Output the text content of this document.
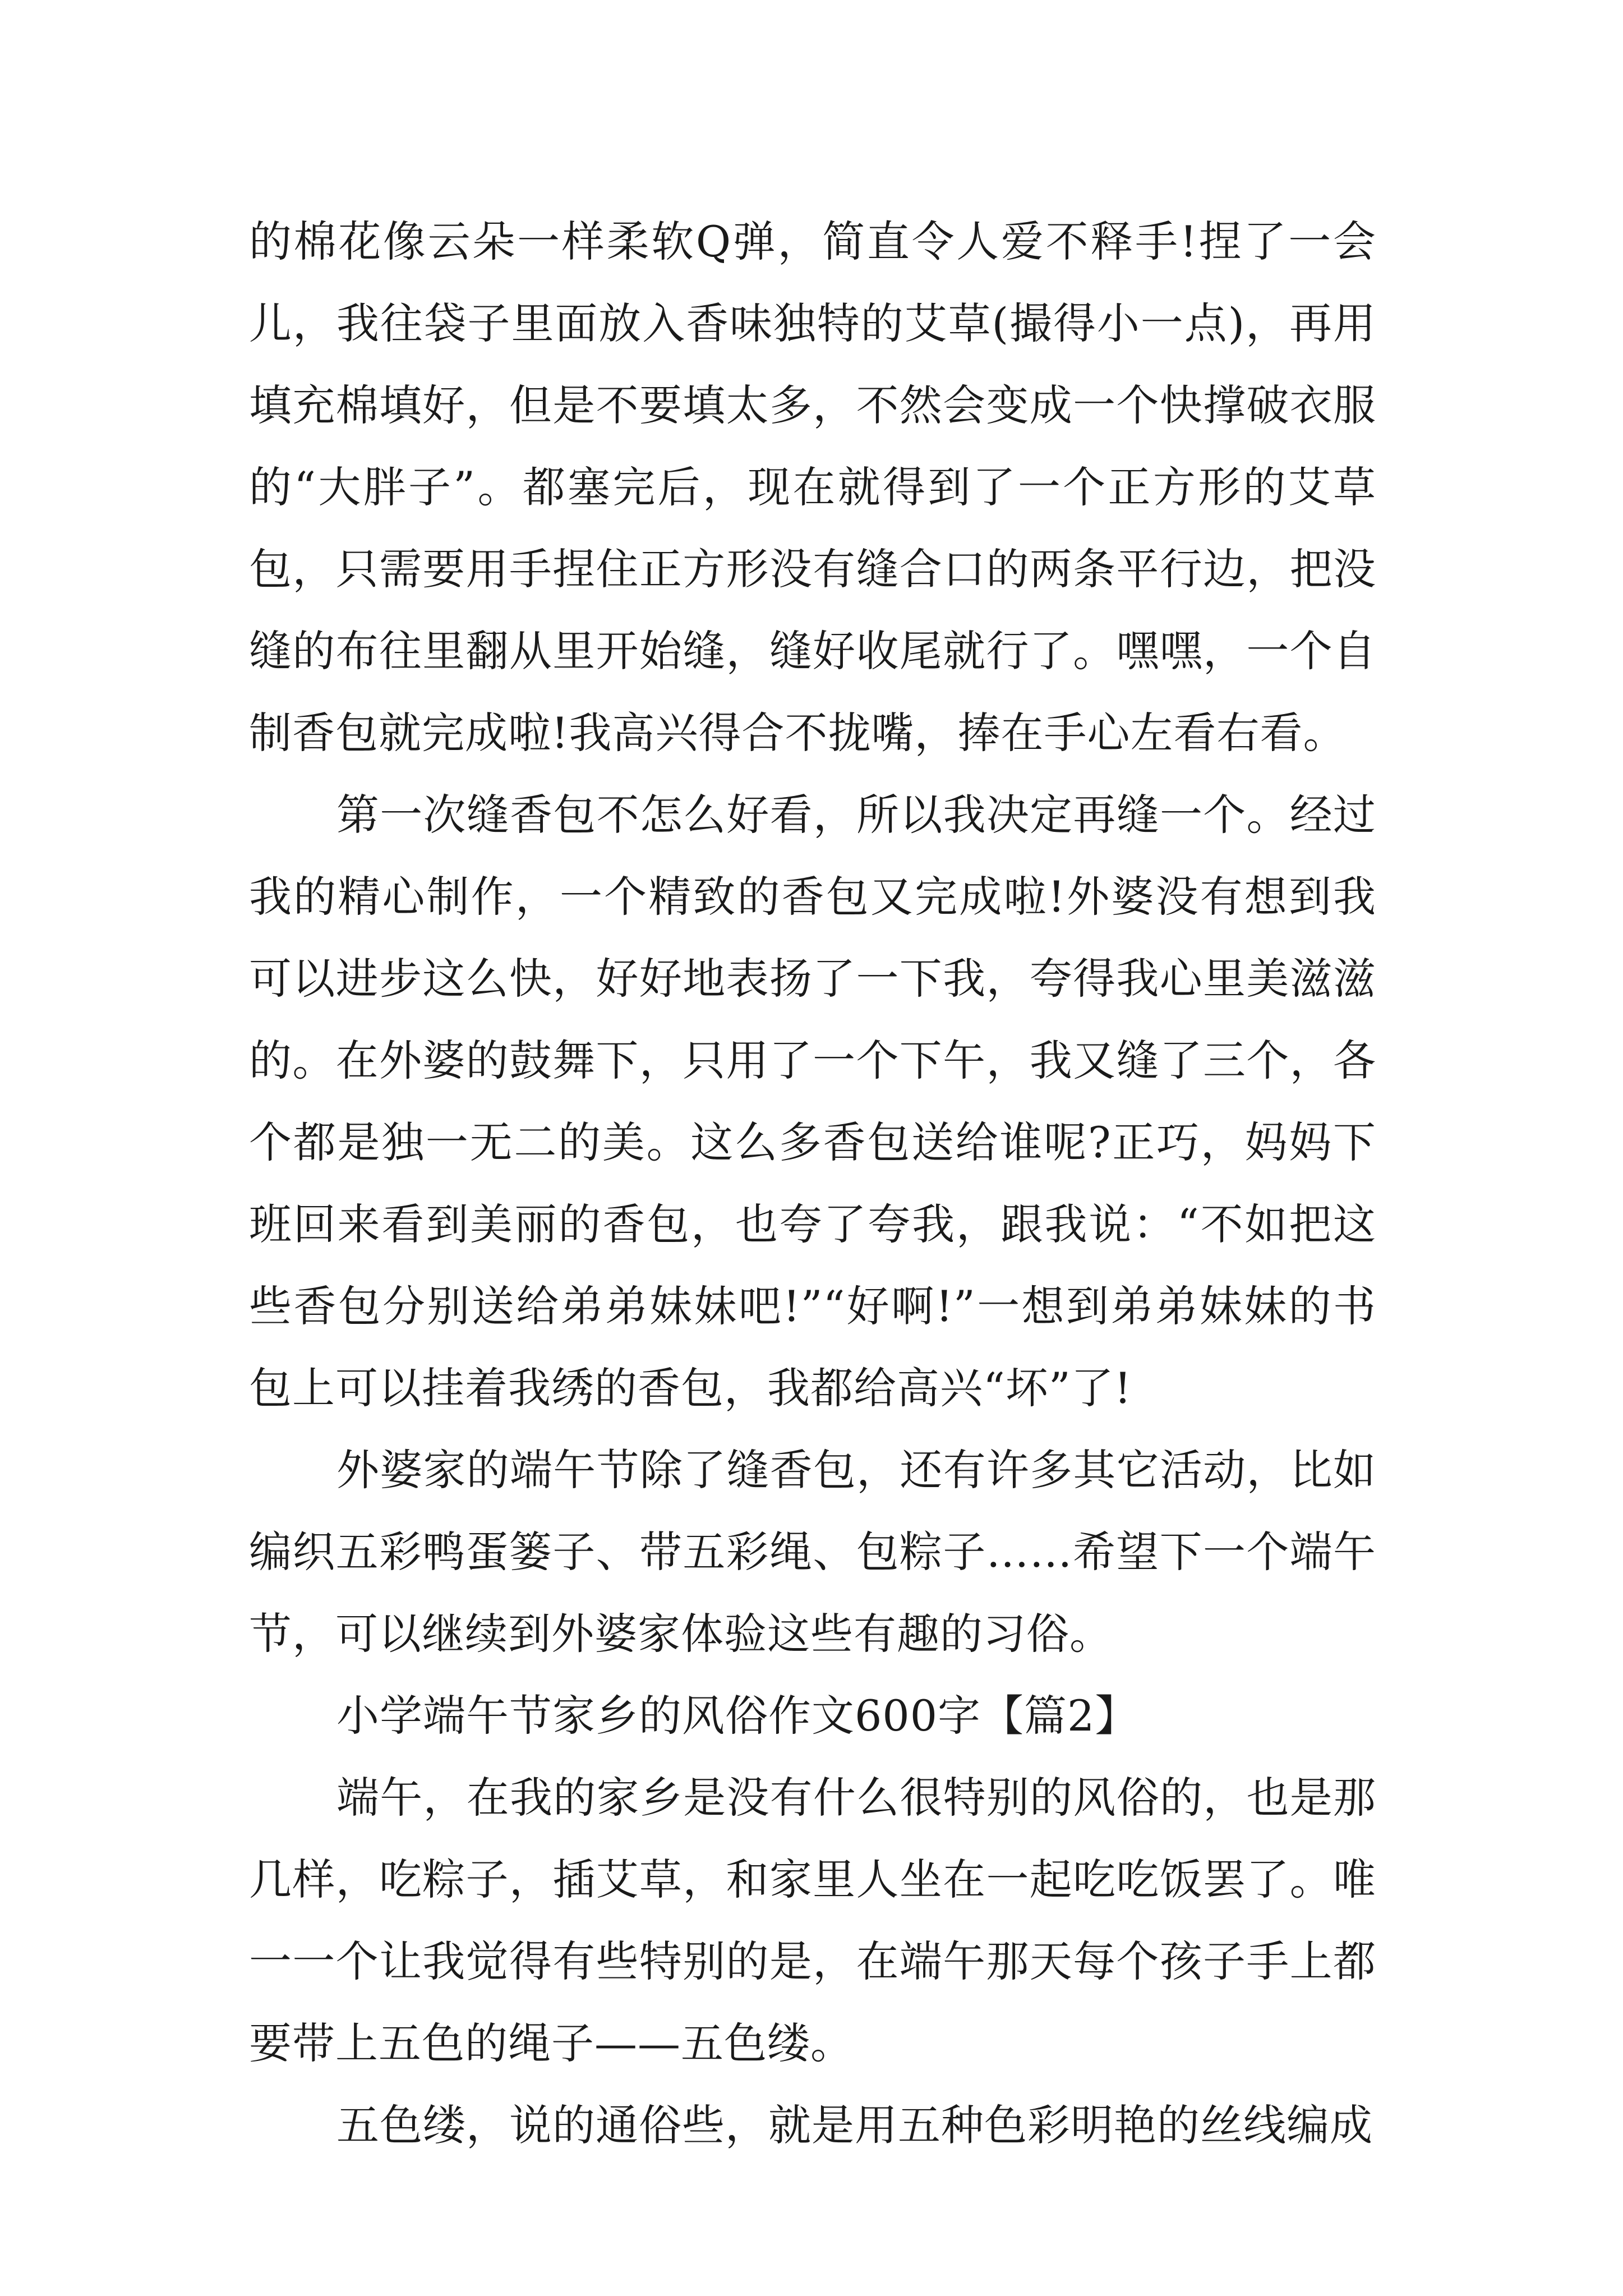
的棉花像云朵一样柔软Q弹，简直令人爱不释手!捏了一会儿，我往袋子里面放入香味独特的艾草(撮得小一点)，再用填充棉填好，但是不要填太多，不然会变成一个快撑破衣服的“大胖子”。都塞完后，现在就得到了一个正方形的艾草包，只需要用手捏住正方形没有缝合口的两条平行边，把没缝的布往里翻从里开始缝，缝好收尾就行了。嘿嘿，一个自制香包就完成啦!我高兴得合不拢嘴，捧在手心左看右看。

第一次缝香包不怎么好看，所以我决定再缝一个。经过我的精心制作，一个精致的香包又完成啦!外婆没有想到我可以进步这么快，好好地表扬了一下我，夸得我心里美滋滋的。在外婆的鼓舞下，只用了一个下午，我又缝了三个，各个都是独一无二的美。这么多香包送给谁呢?正巧，妈妈下班回来看到美丽的香包，也夸了夸我，跟我说：“不如把这些香包分别送给弟弟妹妹吧!”“好啊!”一想到弟弟妹妹的书包上可以挂着我绣的香包，我都给高兴“坏”了!

外婆家的端午节除了缝香包，还有许多其它活动，比如编织五彩鸭蛋篓子、带五彩绳、包粽子……希望下一个端午节，可以继续到外婆家体验这些有趣的习俗。

小学端午节家乡的风俗作文600字【篇2】

端午，在我的家乡是没有什么很特别的风俗的，也是那几样，吃粽子，插艾草，和家里人坐在一起吃吃饭罢了。唯一一个让我觉得有些特别的是，在端午那天每个孩子手上都要带上五色的绳子——五色缕。

五色缕，说的通俗些，就是用五种色彩明艳的丝线编成
